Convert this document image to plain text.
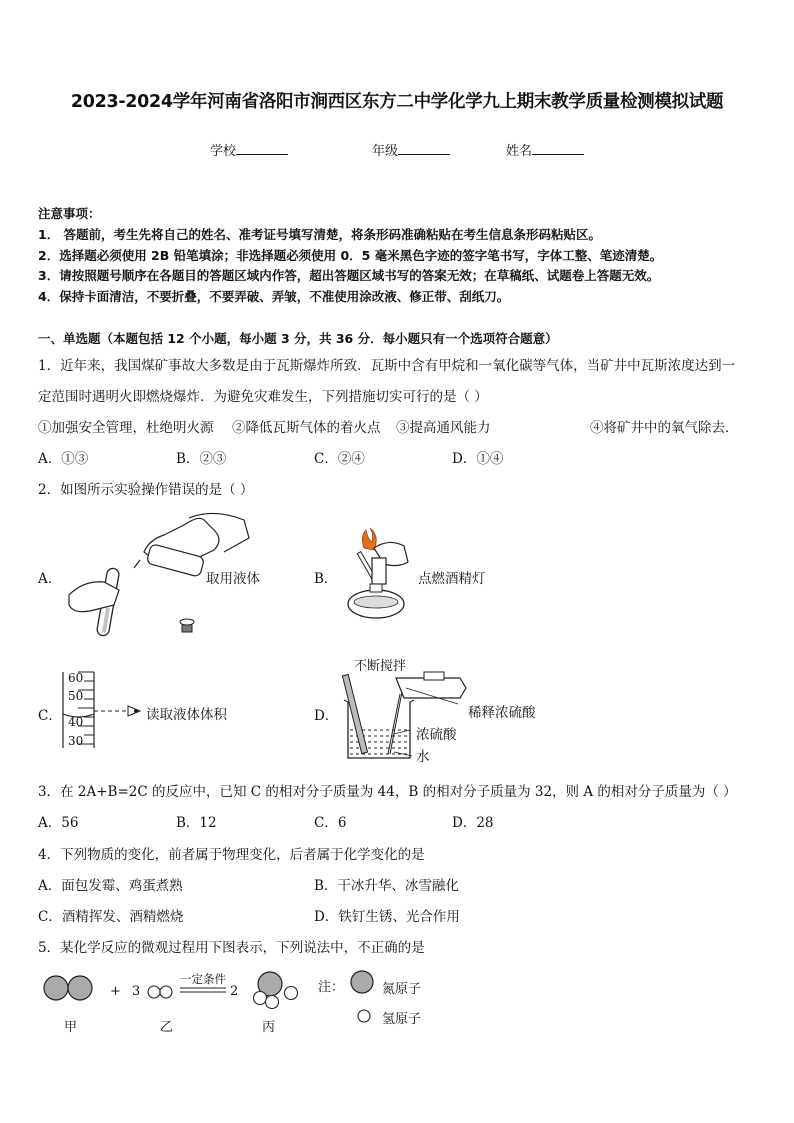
2023-2024学年河南省洛阳市涧西区东方二中学化学九上期末教学质量检测模拟试题
学校	年级	姓名
注意事项：
1． 答题前，考生先将自己的姓名、准考证号填写清楚，将条形码准确粘贴在考生信息条形码粘贴区。
2．选择题必须使用 2B 铅笔填涂；非选择题必须使用 0．5 毫米黑色字迹的签字笔书写，字体工整、笔迹清楚。
3．请按照题号顺序在各题目的答题区域内作答，超出答题区域书写的答案无效；在草稿纸、试题卷上答题无效。
4．保持卡面清洁，不要折叠，不要弄破、弄皱，不准使用涂改液、修正带、刮纸刀。
一、单选题（本题包括 12 个小题，每小题 3 分，共 36 分．每小题只有一个选项符合题意）
1．近年来，我国煤矿事故大多数是由于瓦斯爆炸所致．瓦斯中含有甲烷和一氧化碳等气体，当矿井中瓦斯浓度达到一
定范围时遇明火即燃烧爆炸．为避免灾难发生，下列措施切实可行的是（ ）
①加强安全管理，杜绝明火源 ②降低瓦斯气体的着火点 ③提高通风能力	④将矿井中的氧气除去．
A．①③	B．②③	C．②④	D．①④
2．如图所示实验操作错误的是（ ）
A．	取用液体	B．	点燃酒精灯
C．
60
50
40
30
读取液体体积	D．
不断搅拌
稀释浓硫酸
浓硫酸
水
3．在 2A+B=2C 的反应中，已知 C 的相对分子质量为 44，B 的相对分子质量为 32，则 A 的相对分子质量为（ ）
A．56	B．12	C．6	D．28
4．下列物质的变化，前者属于物理变化，后者属于化学变化的是
A．面包发霉、鸡蛋煮熟	B．干冰升华、冰雪融化
C．酒精挥发、酒精燃烧	D．铁钉生锈、光合作用
5．某化学反应的微观过程用下图表示，下列说法中，不正确的是
+ 3
一定条件
2
甲	乙	丙
注：	氮原子
氢原子
